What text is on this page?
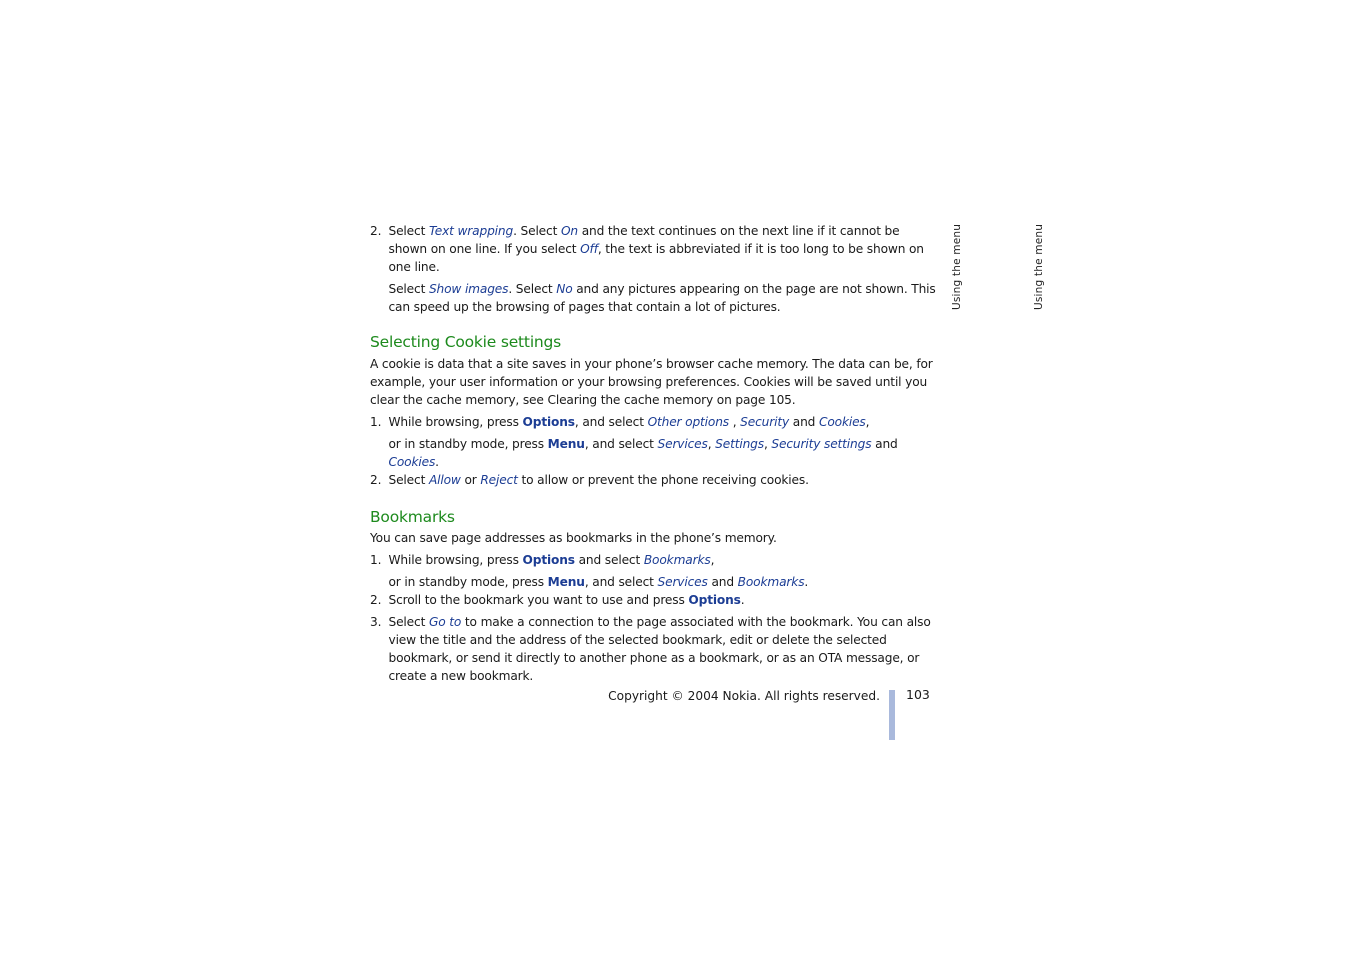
2. Select Text wrapping. Select On and the text continues on the next line if it cannot be shown on one line. If you select Off, the text is abbreviated if it is too long to be shown on one line.

Select Show images. Select No and any pictures appearing on the page are not shown. This can speed up the browsing of pages that contain a lot of pictures.

Selecting Cookie settings

A cookie is data that a site saves in your phone’s browser cache memory. The data can be, for example, your user information or your browsing preferences. Cookies will be saved until you clear the cache memory, see Clearing the cache memory on page 105.

1. While browsing, press Options, and select Other options , Security and Cookies,

or in standby mode, press Menu, and select Services, Settings, Security settings and Cookies.

2. Select Allow or Reject to allow or prevent the phone receiving cookies.

Bookmarks

You can save page addresses as bookmarks in the phone’s memory.

1. While browsing, press Options and select Bookmarks,

or in standby mode, press Menu, and select Services and Bookmarks.

2. Scroll to the bookmark you want to use and press Options.

3. Select Go to to make a connection to the page associated with the bookmark. You can also view the title and the address of the selected bookmark, edit or delete the selected bookmark, or send it directly to another phone as a bookmark, or as an OTA message, or create a new bookmark.

Using the menu	Using the menu
Copyright © 2004 Nokia. All rights reserved. 103
